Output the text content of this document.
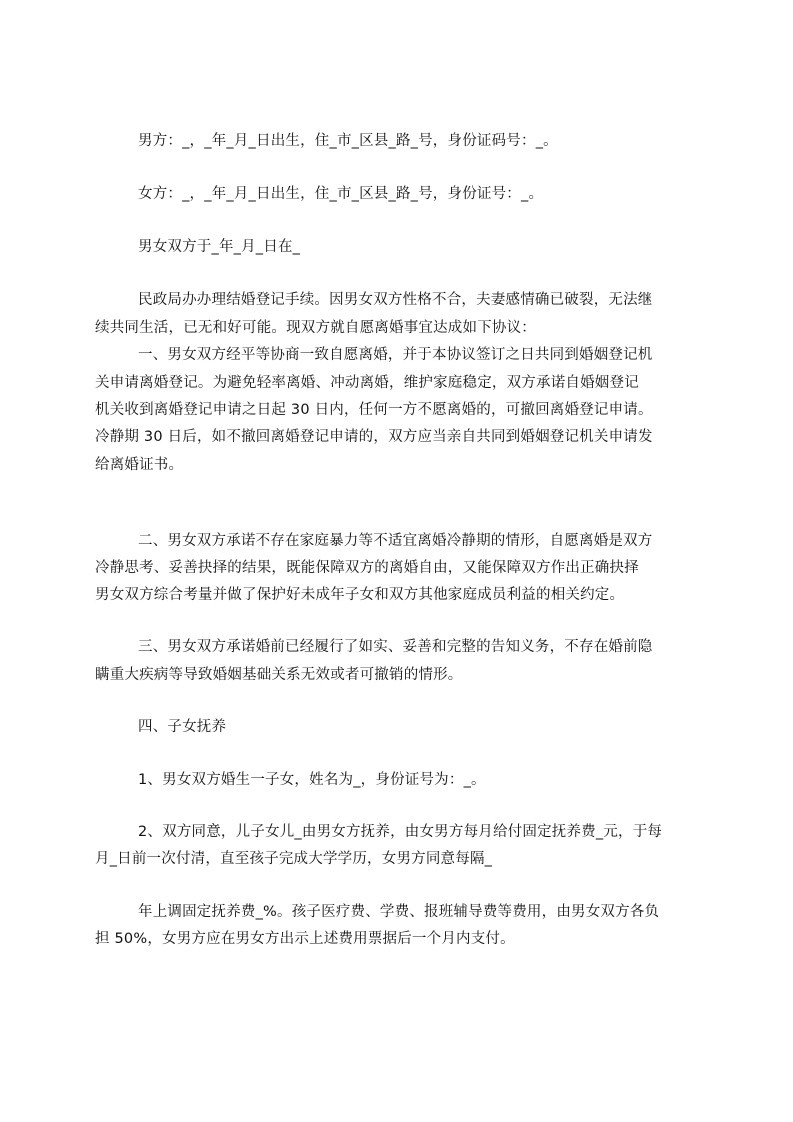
男方：_，_年_月_日出生，住_市_区县_路_号，身份证码号：_。
女方：_，_年_月_日出生，住_市_区县_路_号，身份证号：_。
男女双方于_年_月_日在_
民政局办办理结婚登记手续。因男女双方性格不合，夫妻感情确已破裂，无法继
续共同生活，已无和好可能。现双方就自愿离婚事宜达成如下协议：
一、男女双方经平等协商一致自愿离婚，并于本协议签订之日共同到婚姻登记机
关申请离婚登记。为避免轻率离婚、冲动离婚，维护家庭稳定，双方承诺自婚姻登记
机关收到离婚登记申请之日起 30 日内，任何一方不愿离婚的，可撤回离婚登记申请。
冷静期 30 日后，如不撤回离婚登记申请的，双方应当亲自共同到婚姻登记机关申请发
给离婚证书。
二、男女双方承诺不存在家庭暴力等不适宜离婚冷静期的情形，自愿离婚是双方
冷静思考、妥善抉择的结果，既能保障双方的离婚自由，又能保障双方作出正确抉择
男女双方综合考量并做了保护好未成年子女和双方其他家庭成员利益的相关约定。
三、男女双方承诺婚前已经履行了如实、妥善和完整的告知义务，不存在婚前隐
瞒重大疾病等导致婚姻基础关系无效或者可撤销的情形。
四、子女抚养
1、男女双方婚生一子女，姓名为_，身份证号为：_。
2、双方同意，儿子女儿_由男女方抚养，由女男方每月给付固定抚养费_元，于每
月_日前一次付清，直至孩子完成大学学历，女男方同意每隔_
年上调固定抚养费_%。孩子医疗费、学费、报班辅导费等费用，由男女双方各负
担 50%，女男方应在男女方出示上述费用票据后一个月内支付。
